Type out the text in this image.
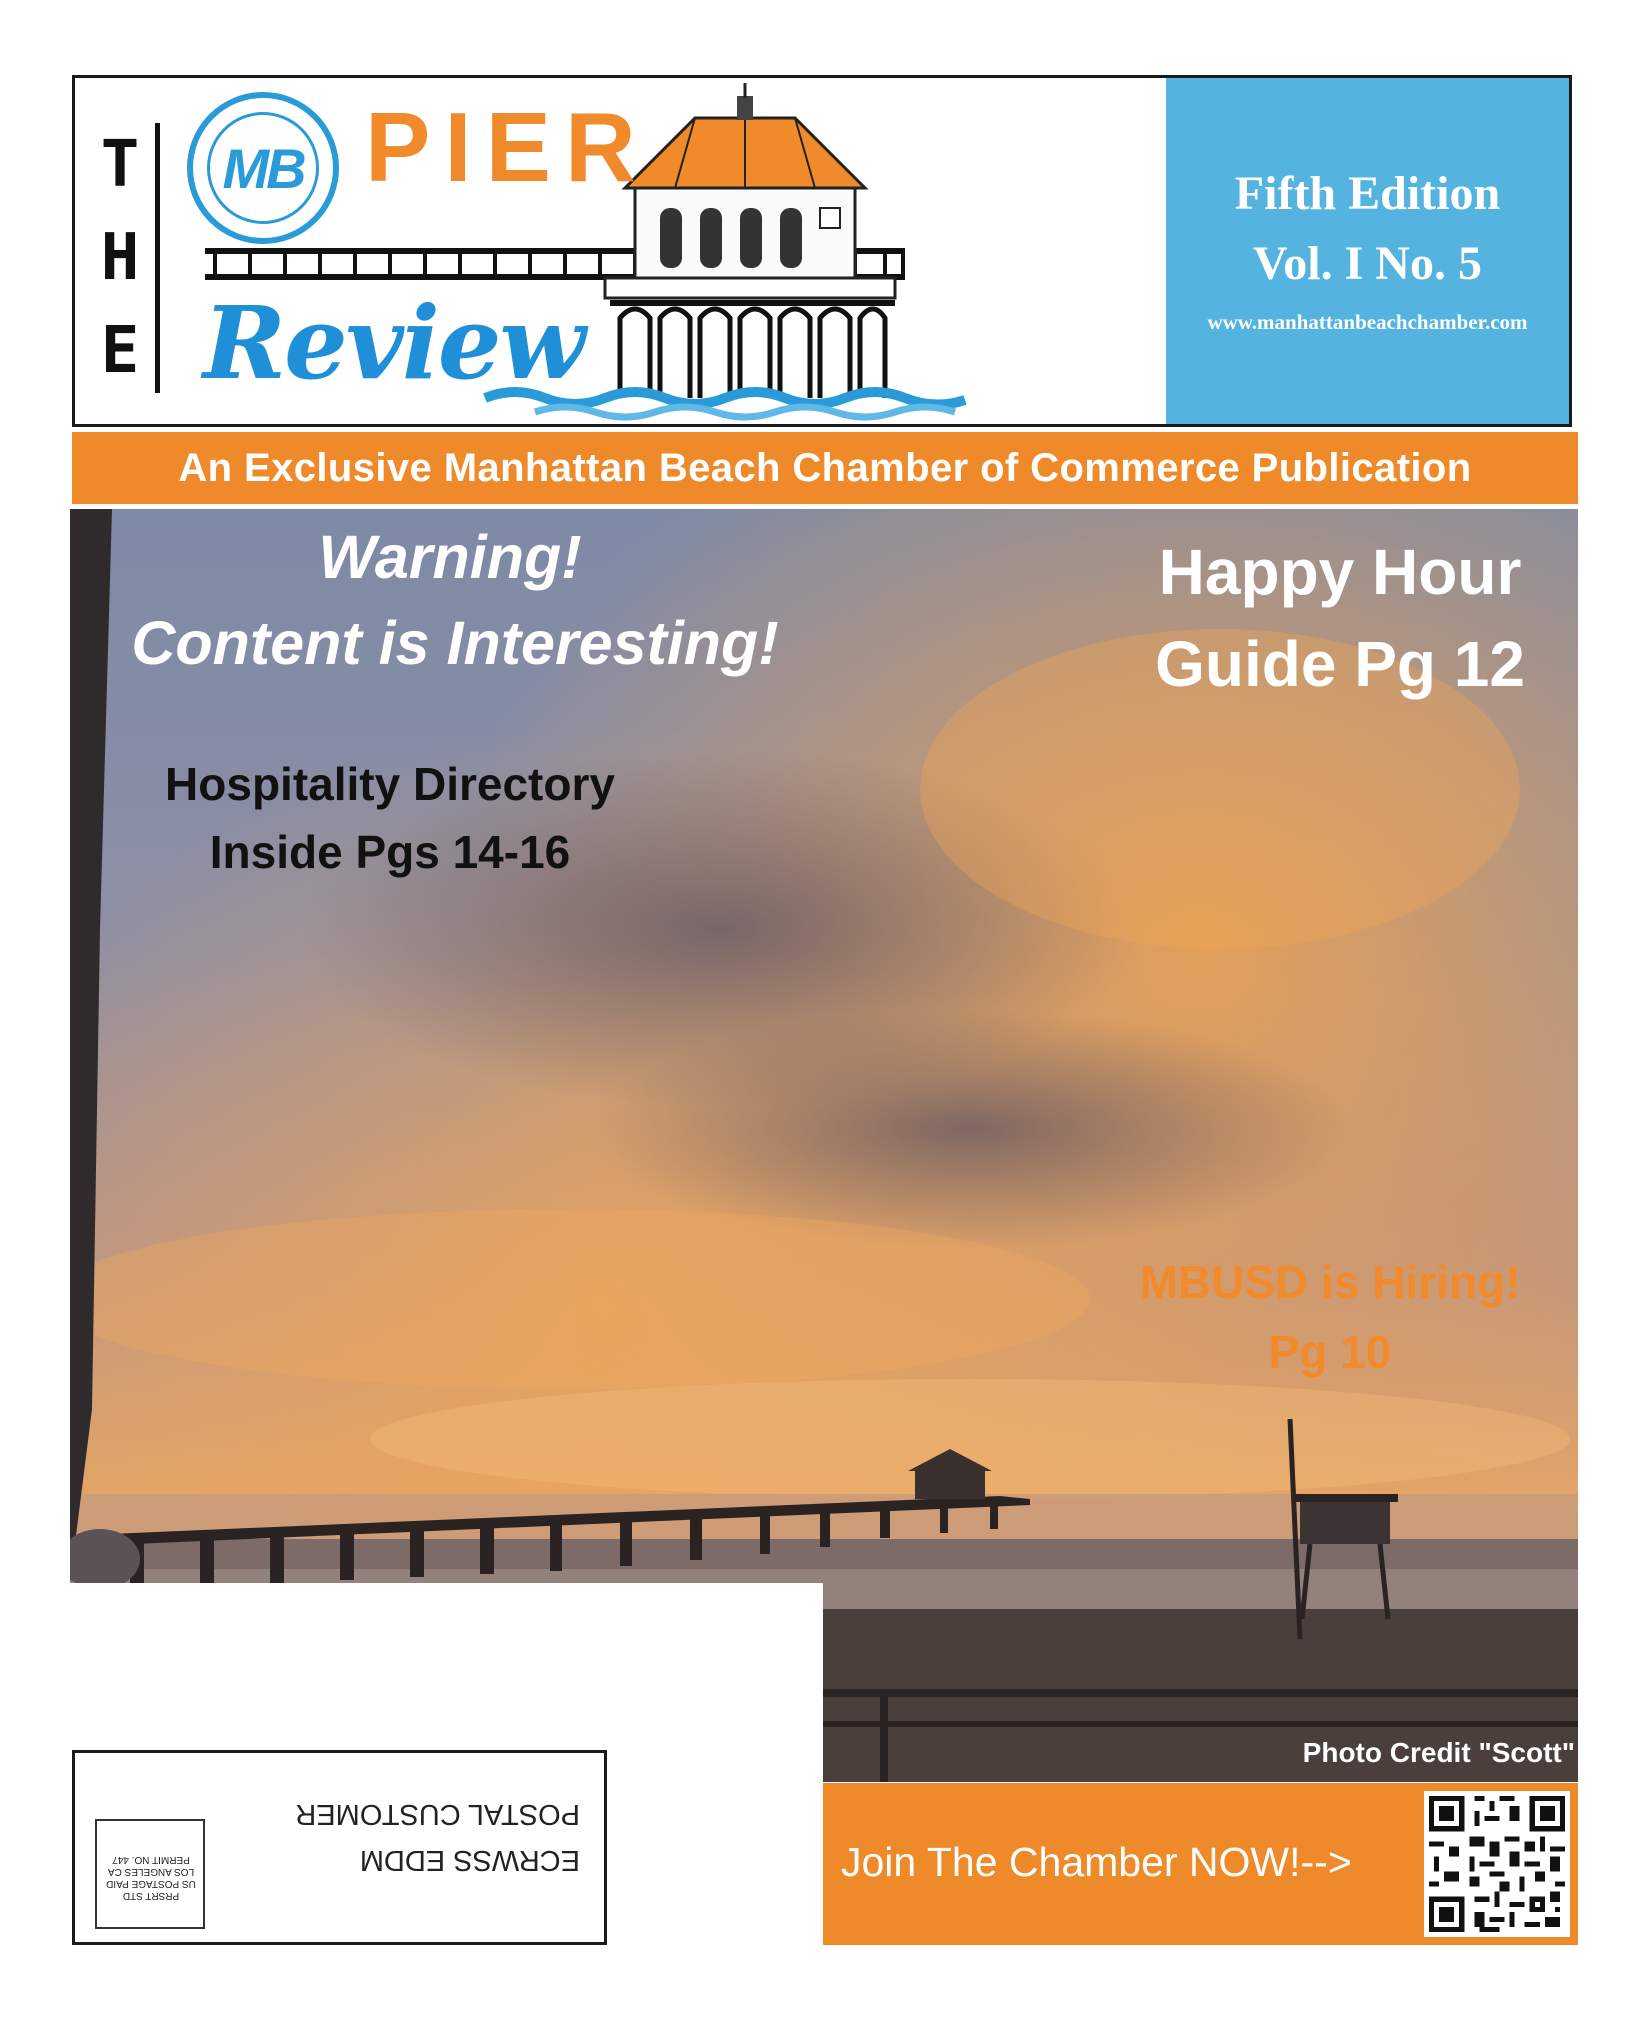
T
H
E
MB PIER
Review
Fifth Edition
Vol. I No. 5
www.manhattanbeachchamber.com
An Exclusive Manhattan Beach Chamber of Commerce Publication
Warning!
Content is Interesting!
Happy Hour
Guide Pg 12
Hospitality Directory
Inside Pgs 14-16
MBUSD is Hiring!
Pg 10
Photo Credit "Scott"
Join The Chamber NOW!-->
ECRWSS EDDM
POSTAL CUSTOMER
PRSRT STD
US POSTAGE PAID
LOS ANGELES CA
PERMIT NO. 447
